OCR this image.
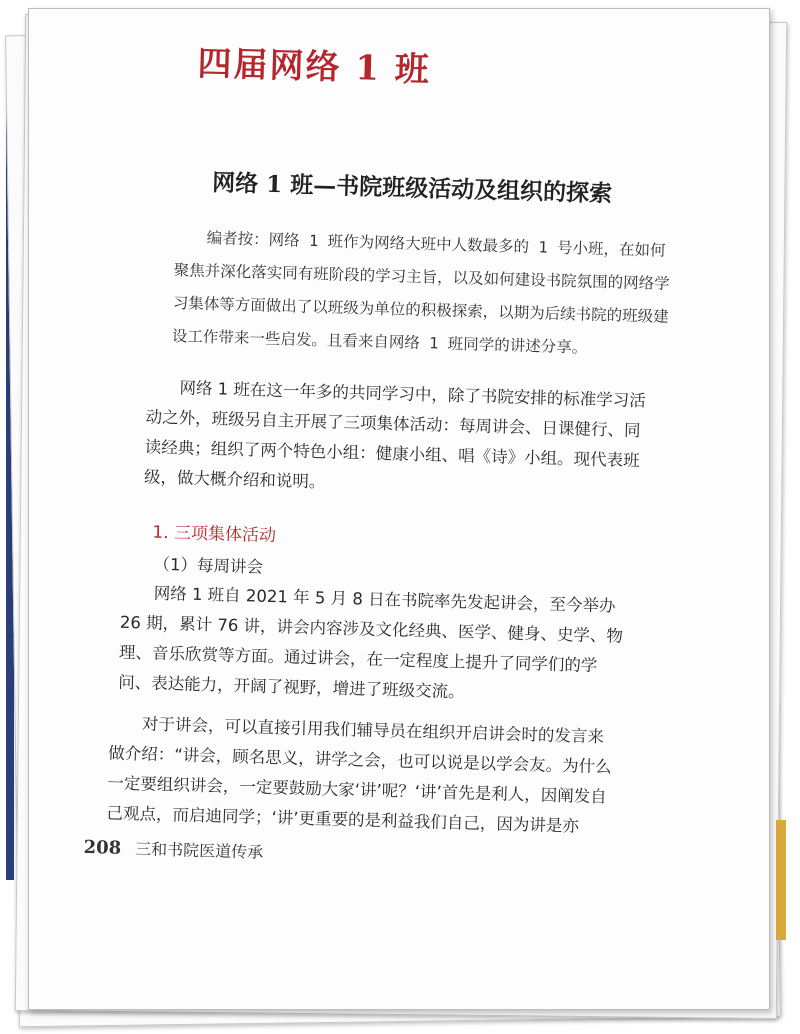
四届网络 1 班
网络 1 班—书院班级活动及组织的探索
编者按：网络 1 班作为网络大班中人数最多的 1 号小班，在如何聚焦并深化落实同有班阶段的学习主旨，以及如何建设书院氛围的网络学习集体等方面做出了以班级为单位的积极探索，以期为后续书院的班级建设工作带来一些启发。且看来自网络 1 班同学的讲述分享。
网络 1 班在这一年多的共同学习中，除了书院安排的标准学习活动之外，班级另自主开展了三项集体活动：每周讲会、日课健行、同读经典；组织了两个特色小组：健康小组、唱《诗》小组。现代表班级，做大概介绍和说明。
1. 三项集体活动
（1）每周讲会
网络 1 班自 2021 年 5 月 8 日在书院率先发起讲会，至今举办 26 期，累计 76 讲，讲会内容涉及文化经典、医学、健身、史学、物理、音乐欣赏等方面。通过讲会，在一定程度上提升了同学们的学问、表达能力，开阔了视野，增进了班级交流。
对于讲会，可以直接引用我们辅导员在组织开启讲会时的发言来做介绍：“讲会，顾名思义，讲学之会，也可以说是以学会友。为什么一定要组织讲会，一定要鼓励大家‘讲’呢？‘讲’首先是利人，因阐发自己观点，而启迪同学；‘讲’更重要的是利益我们自己，因为讲是亦
208 三和书院医道传承
